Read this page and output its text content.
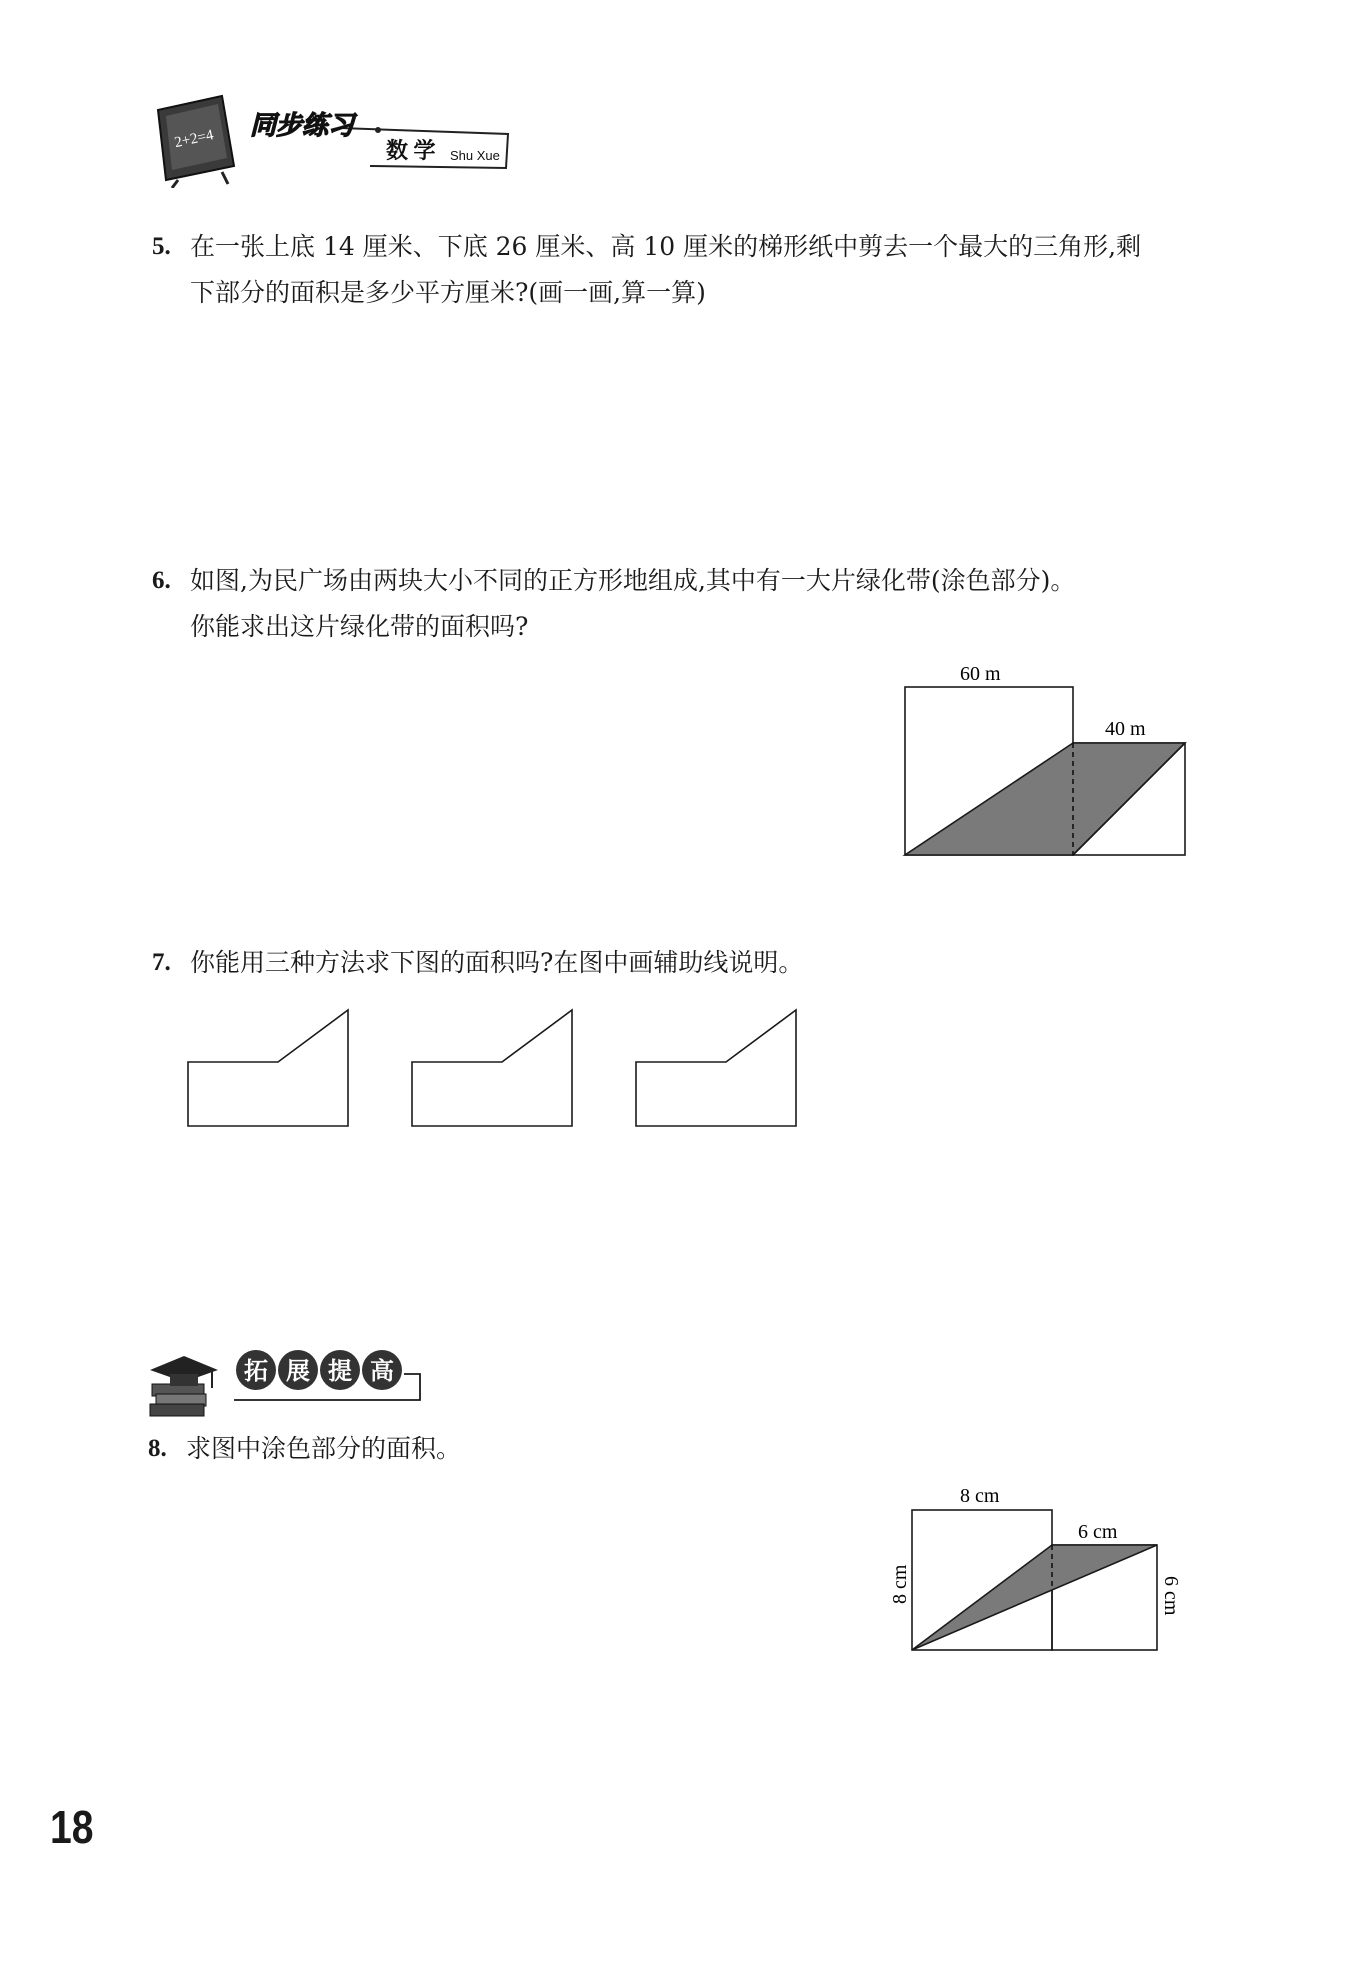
2+2=4 同步练习
数 学 Shu Xue
5. 在一张上底 14 厘米、下底 26 厘米、高 10 厘米的梯形纸中剪去一个最大的三角形,剩
下部分的面积是多少平方厘米?(画一画,算一算)
6. 如图,为民广场由两块大小不同的正方形地组成,其中有一大片绿化带(涂色部分)。
你能求出这片绿化带的面积吗?
60 m
40 m
7. 你能用三种方法求下图的面积吗?在图中画辅助线说明。
拓 展 提 高
8. 求图中涂色部分的面积。
8 cm
6 cm
8 cm	6 cm
18
